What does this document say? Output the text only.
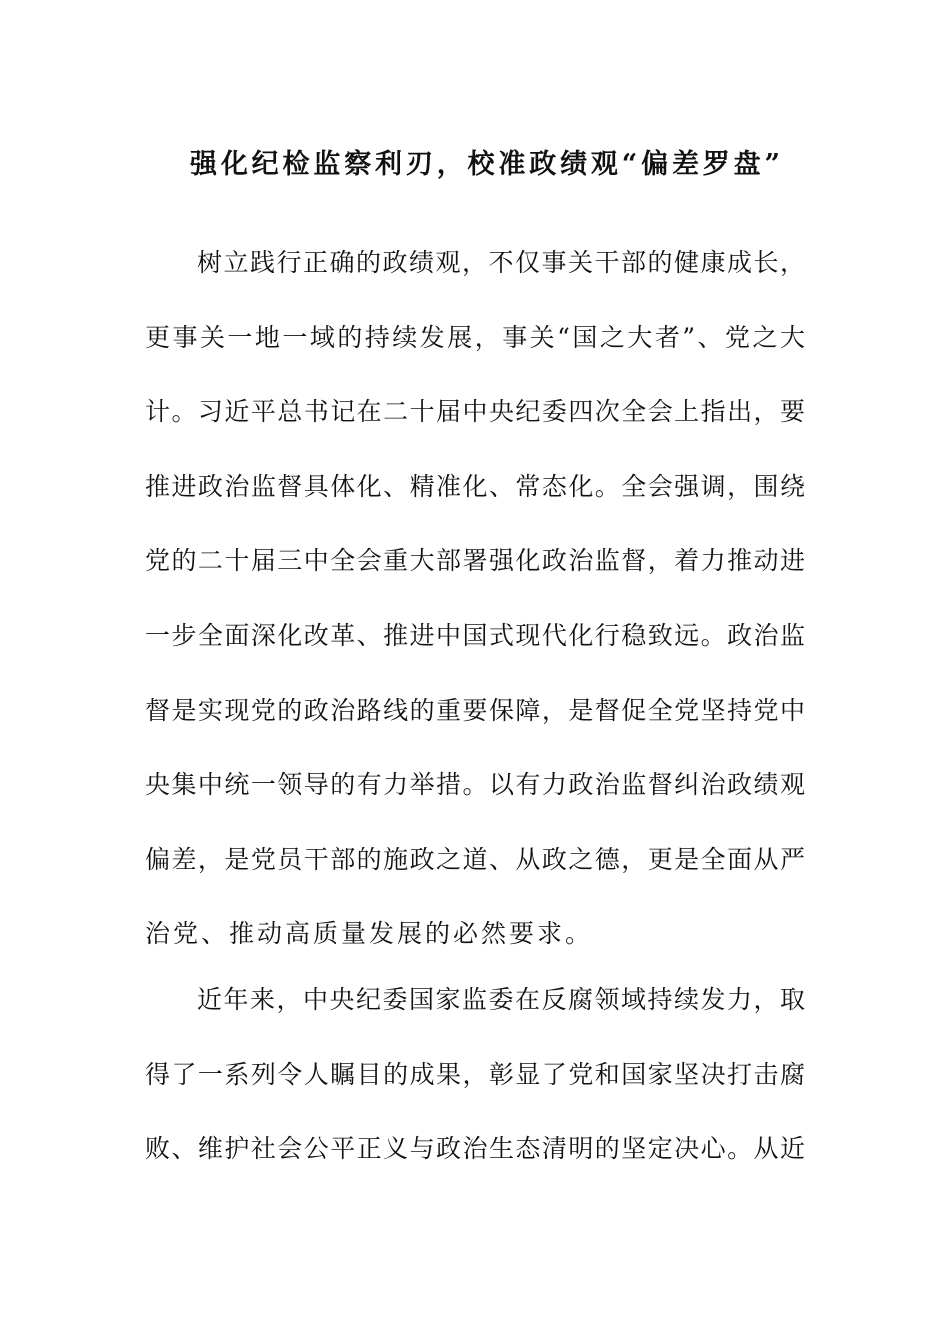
强化纪检监察利刃，校准政绩观“偏差罗盘”
树立践行正确的政绩观，不仅事关干部的健康成长，
更事关一地一域的持续发展，事关“国之大者”、党之大
计。习近平总书记在二十届中央纪委四次全会上指出，要
推进政治监督具体化、精准化、常态化。全会强调，围绕
党的二十届三中全会重大部署强化政治监督，着力推动进
一步全面深化改革、推进中国式现代化行稳致远。政治监
督是实现党的政治路线的重要保障，是督促全党坚持党中
央集中统一领导的有力举措。以有力政治监督纠治政绩观
偏差，是党员干部的施政之道、从政之德，更是全面从严
治党、推动高质量发展的必然要求。
近年来，中央纪委国家监委在反腐领域持续发力，取
得了一系列令人瞩目的成果，彰显了党和国家坚决打击腐
败、维护社会公平正义与政治生态清明的坚定决心。从近
